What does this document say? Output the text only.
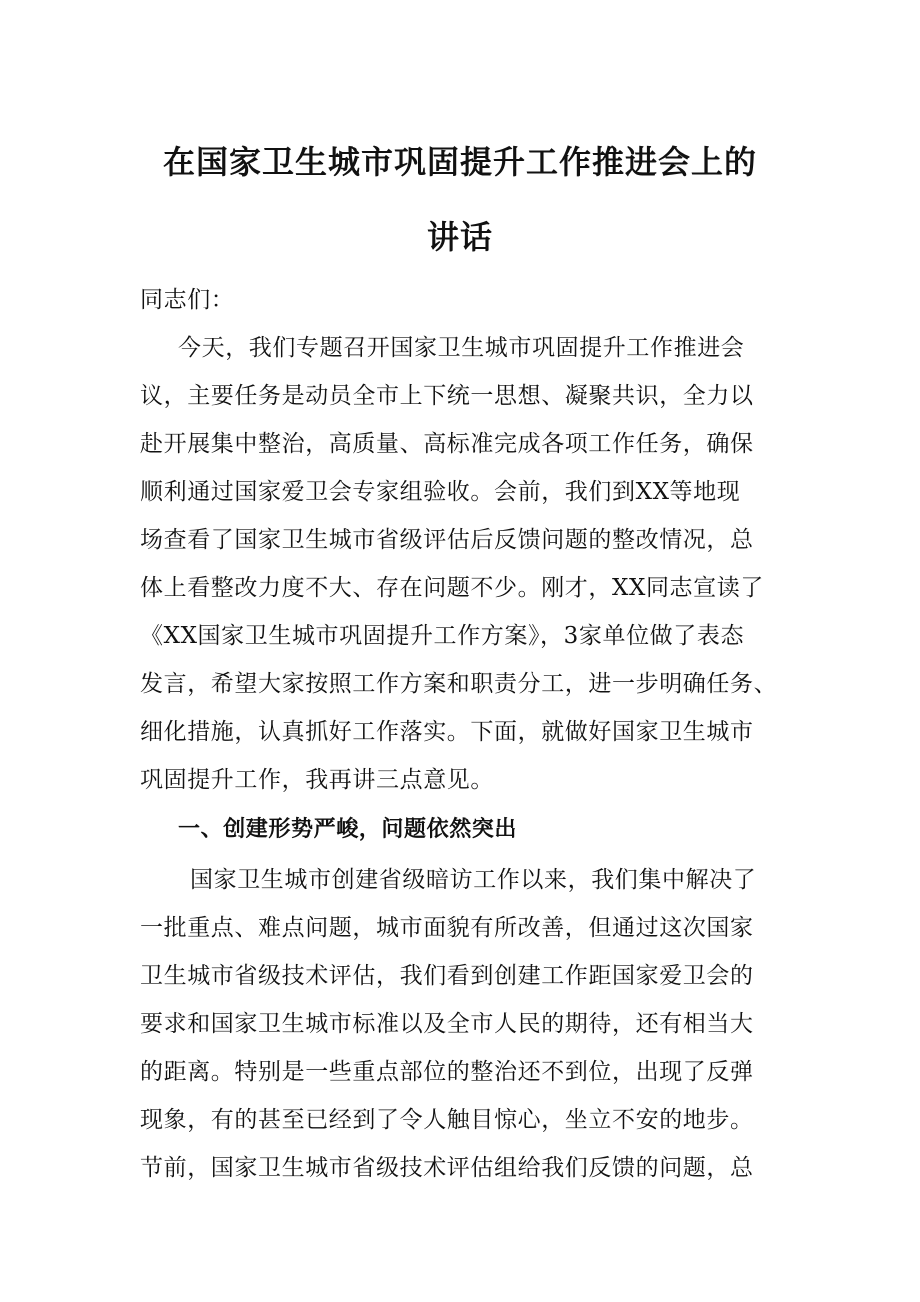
在国家卫生城市巩固提升工作推进会上的
讲话
同志们：
今天，我们专题召开国家卫生城市巩固提升工作推进会
议，主要任务是动员全市上下统一思想、凝聚共识，全力以
赴开展集中整治，高质量、高标准完成各项工作任务，确保
顺利通过国家爱卫会专家组验收。会前，我们到XX等地现
场查看了国家卫生城市省级评估后反馈问题的整改情况，总
体上看整改力度不大、存在问题不少。刚才，XX同志宣读了
《XX国家卫生城市巩固提升工作方案》，3家单位做了表态
发言，希望大家按照工作方案和职责分工，进一步明确任务、
细化措施，认真抓好工作落实。下面，就做好国家卫生城市
巩固提升工作，我再讲三点意见。
一、创建形势严峻，问题依然突出
国家卫生城市创建省级暗访工作以来，我们集中解决了
一批重点、难点问题，城市面貌有所改善，但通过这次国家
卫生城市省级技术评估，我们看到创建工作距国家爱卫会的
要求和国家卫生城市标准以及全市人民的期待，还有相当大
的距离。特别是一些重点部位的整治还不到位，出现了反弹
现象，有的甚至已经到了令人触目惊心，坐立不安的地步。
节前，国家卫生城市省级技术评估组给我们反馈的问题，总
